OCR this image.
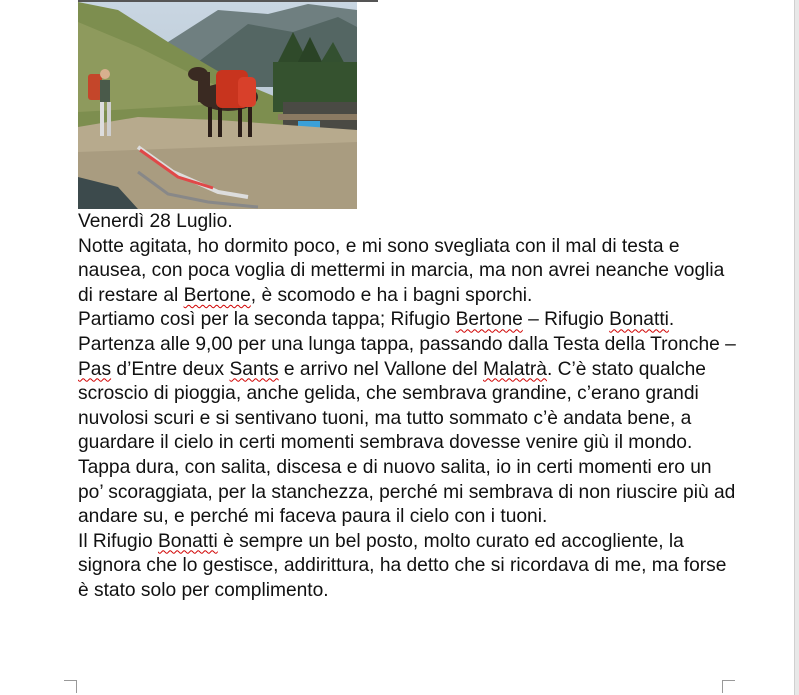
Venerdì 28 Luglio.

Notte agitata, ho dormito poco, e mi sono svegliata con il mal di testa e nausea, con poca voglia di mettermi in marcia, ma non avrei neanche voglia di restare al Bertone, è scomodo e ha i bagni sporchi.

Partiamo così per la seconda tappa; Rifugio Bertone – Rifugio Bonatti.

Partenza alle 9,00 per una lunga tappa, passando dalla Testa della Tronche – Pas d’Entre deux Sants e arrivo nel Vallone del Malatrà. C’è stato qualche scroscio di pioggia, anche gelida, che sembrava grandine, c’erano grandi nuvolosi scuri e si sentivano tuoni, ma tutto sommato c’è andata bene, a guardare il cielo in certi momenti sembrava dovesse venire giù il mondo. Tappa dura, con salita, discesa e di nuovo salita, io in certi momenti ero un po’ scoraggiata, per la stanchezza, perché mi sembrava di non riuscire più ad andare su, e perché mi faceva paura il cielo con i tuoni.

Il Rifugio Bonatti è sempre un bel posto, molto curato ed accogliente, la signora che lo gestisce, addirittura, ha detto che si ricordava di me, ma forse è stato solo per complimento.
